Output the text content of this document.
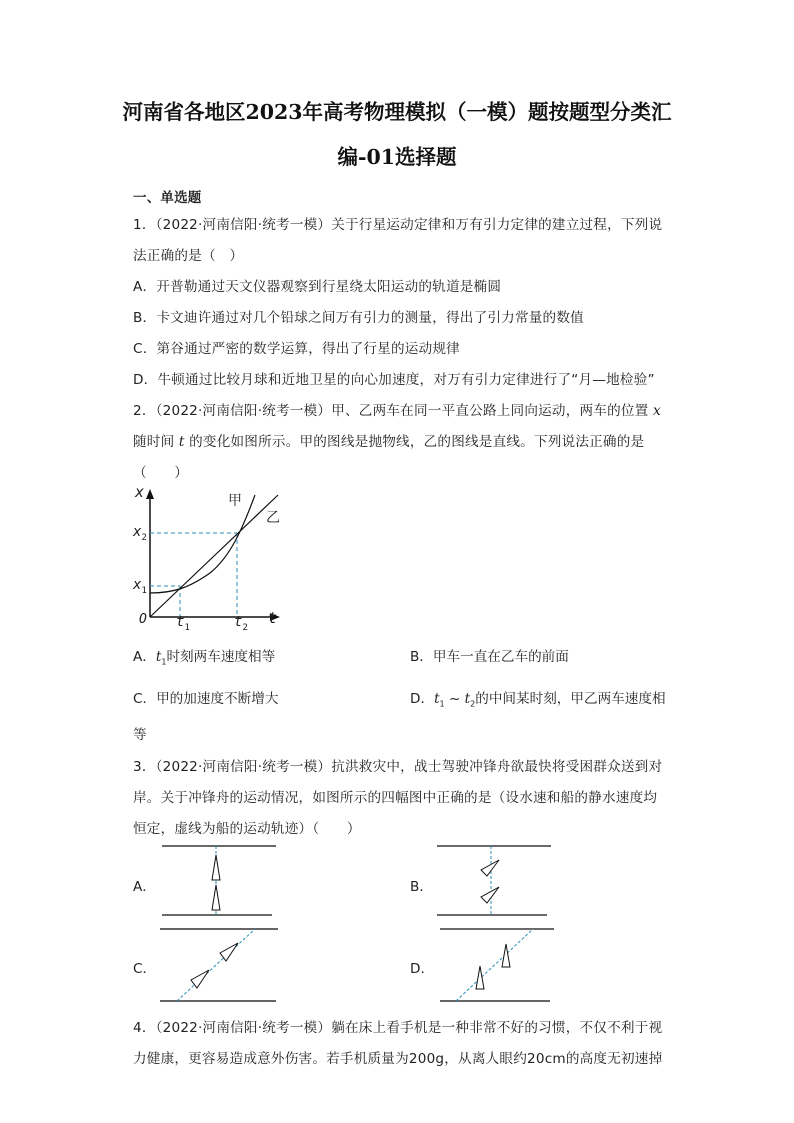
河南省各地区2023年高考物理模拟（一模）题按题型分类汇
编-01选择题
一、单选题
1．（2022·河南信阳·统考一模）关于行星运动定律和万有引力定律的建立过程，下列说
法正确的是（　）
A．开普勒通过天文仪器观察到行星绕太阳运动的轨道是椭圆
B．卡文迪许通过对几个铅球之间万有引力的测量，得出了引力常量的数值
C．第谷通过严密的数学运算，得出了行星的运动规律
D．牛顿通过比较月球和近地卫星的向心加速度，对万有引力定律进行了“月—地检验”
2．（2022·河南信阳·统考一模）甲、乙两车在同一平直公路上同向运动，两车的位置 x
随时间 t 的变化如图所示。甲的图线是抛物线，乙的图线是直线。下列说法正确的是
（　　）
x	甲
乙
$x_2$
$x_1$
O $t_1$	$t_2$
t
A．$t_1$时刻两车速度相等	B．甲车一直在乙车的前面
C．甲的加速度不断增大	D．$t_1$ ~ $t_2$的中间某时刻，甲乙两车速度相
等
3．（2022·河南信阳·统考一模）抗洪救灾中，战士驾驶冲锋舟欲最快将受困群众送到对
岸。关于冲锋舟的运动情况，如图所示的四幅图中正确的是（设水速和船的静水速度均
恒定，虚线为船的运动轨迹）（　　）
A．	B．
C．	D．
4．（2022·河南信阳·统考一模）躺在床上看手机是一种非常不好的习惯，不仅不利于视
力健康，更容易造成意外伤害。若手机质量为200g，从离人眼约20cm的高度无初速掉
